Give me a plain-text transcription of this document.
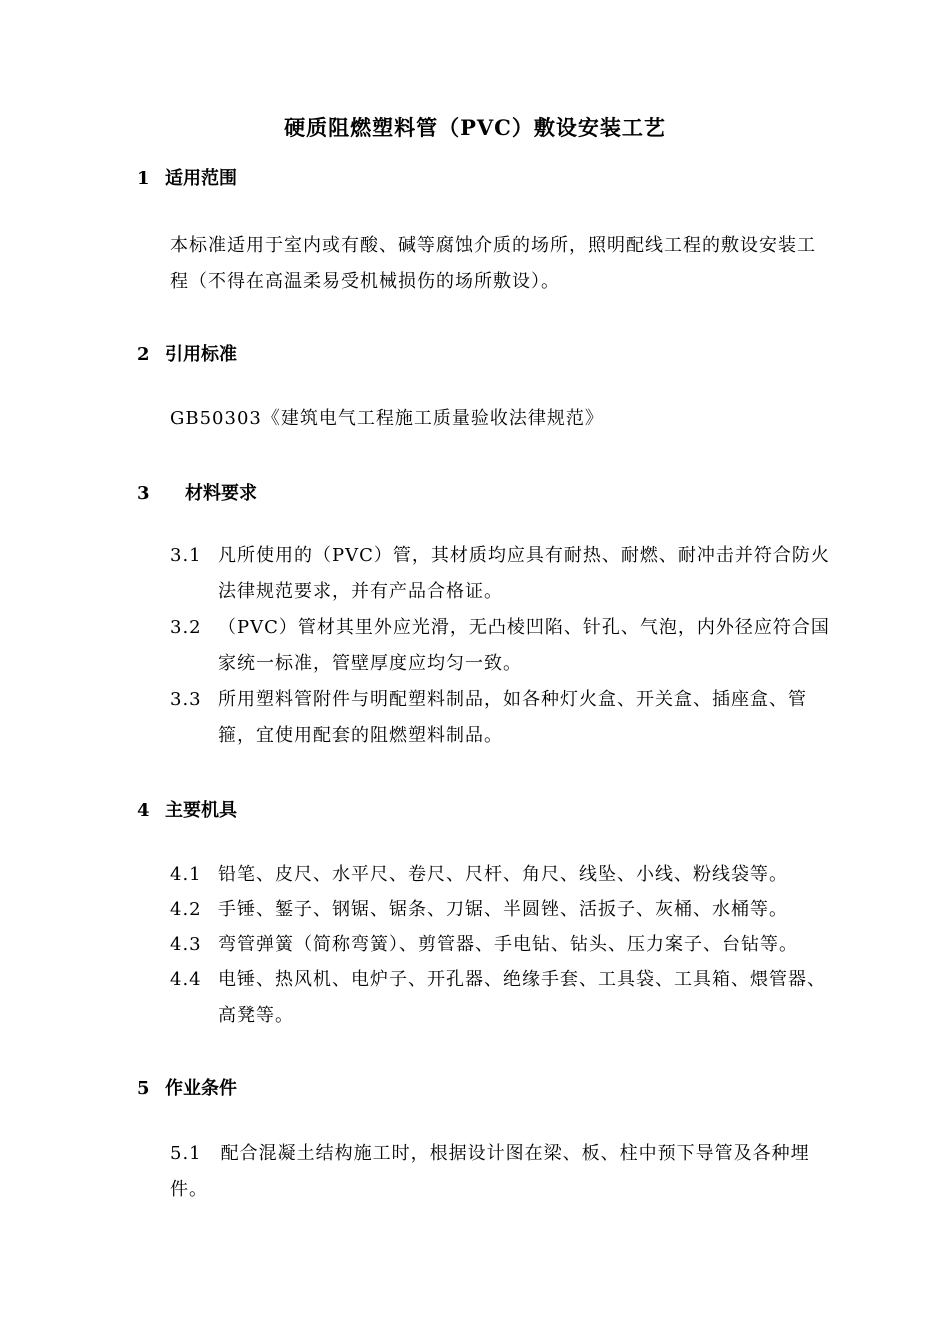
硬质阻燃塑料管（PVC）敷设安装工艺
1 适用范围
本标准适用于室内或有酸、碱等腐蚀介质的场所，照明配线工程的敷设安装工程（不得在高温柔易受机械损伤的场所敷设）。
2 引用标准
GB50303《建筑电气工程施工质量验收法律规范》
3 材料要求
3.1 凡所使用的（PVC）管，其材质均应具有耐热、耐燃、耐冲击并符合防火法律规范要求，并有产品合格证。
3.2 （PVC）管材其里外应光滑，无凸棱凹陷、针孔、气泡，内外径应符合国家统一标准，管壁厚度应均匀一致。
3.3 所用塑料管附件与明配塑料制品，如各种灯火盒、开关盒、插座盒、管箍，宜使用配套的阻燃塑料制品。
4 主要机具
4.1 铅笔、皮尺、水平尺、卷尺、尺杆、角尺、线坠、小线、粉线袋等。
4.2 手锤、錾子、钢锯、锯条、刀锯、半圆锉、活扳子、灰桶、水桶等。
4.3 弯管弹簧（简称弯簧）、剪管器、手电钻、钻头、压力案子、台钻等。
4.4 电锤、热风机、电炉子、开孔器、绝缘手套、工具袋、工具箱、煨管器、高凳等。
5 作业条件
5.1　配合混凝土结构施工时，根据设计图在梁、板、柱中预下导管及各种埋件。
